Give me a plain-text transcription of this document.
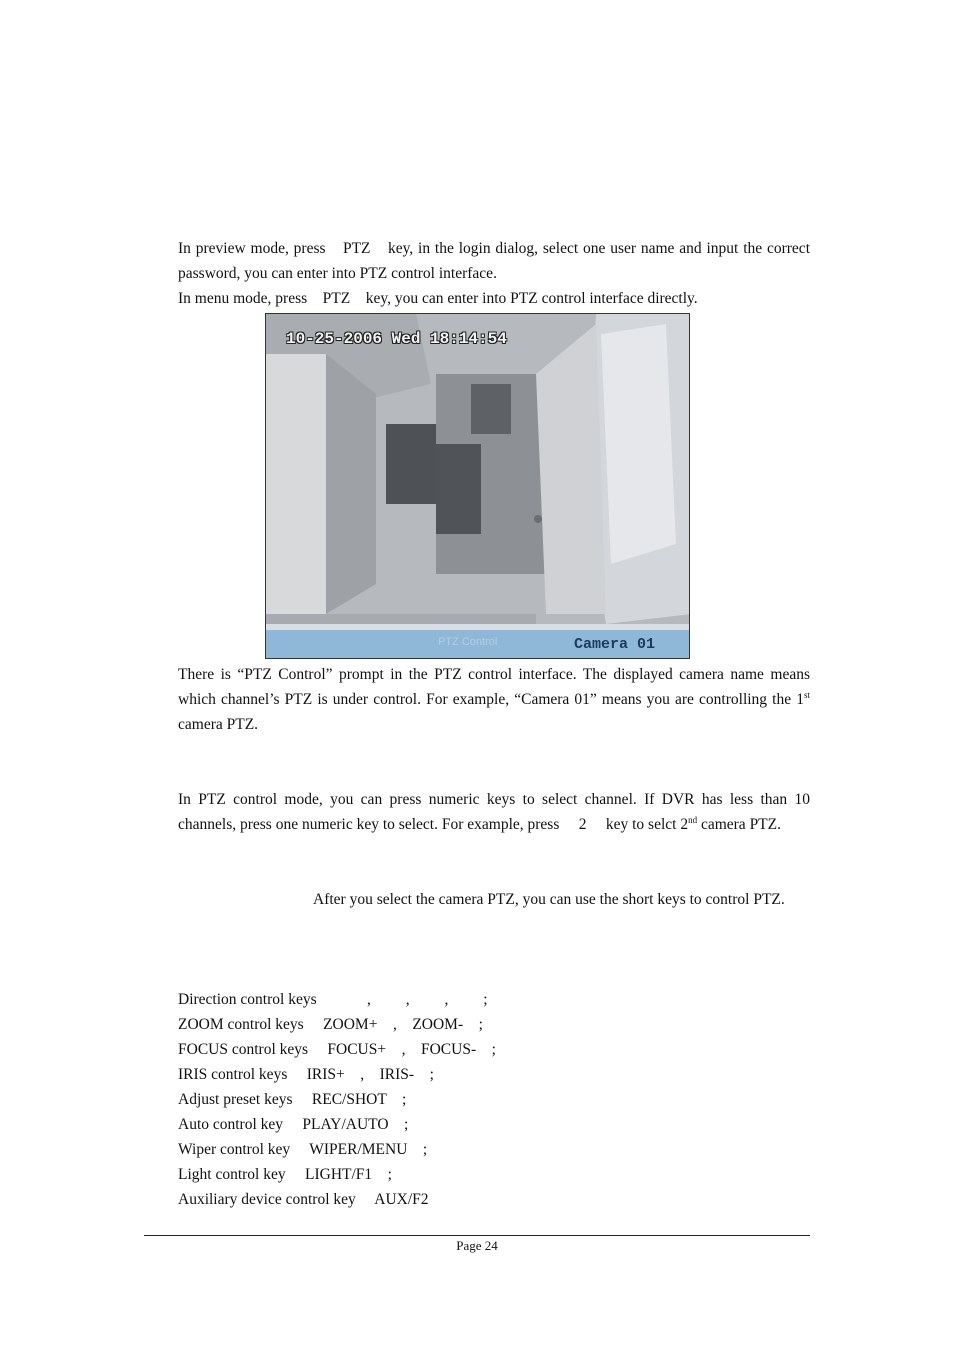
In preview mode, press　PTZ　key, in the login dialog, select one user name and input the correct password, you can enter into PTZ control interface.
In menu mode, press　PTZ　key, you can enter into PTZ control interface directly.
10-25-2006 Wed 18:14:54
PTZ Control	Camera 01
There is “PTZ Control” prompt in the PTZ control interface. The displayed camera name means which channel’s PTZ is under control. For example, “Camera 01” means you are controlling the 1st camera PTZ.
In PTZ control mode, you can press numeric keys to select channel. If DVR has less than 10 channels, press one numeric key to select. For example, press　 2　 key to selct 2nd camera PTZ.
After you select the camera PTZ, you can use the short keys to control PTZ.
Direction control keys　　　 ,　　 ,　　 ,　　 ;
ZOOM control keys　 ZOOM+　,　ZOOM-　;
FOCUS control keys　 FOCUS+　,　FOCUS-　;
IRIS control keys　 IRIS+　,　IRIS-　;
Adjust preset keys　 REC/SHOT　;
Auto control key　 PLAY/AUTO　;
Wiper control key　 WIPER/MENU　;
Light control key　 LIGHT/F1　;
Auxiliary device control key　 AUX/F2
Page 24
